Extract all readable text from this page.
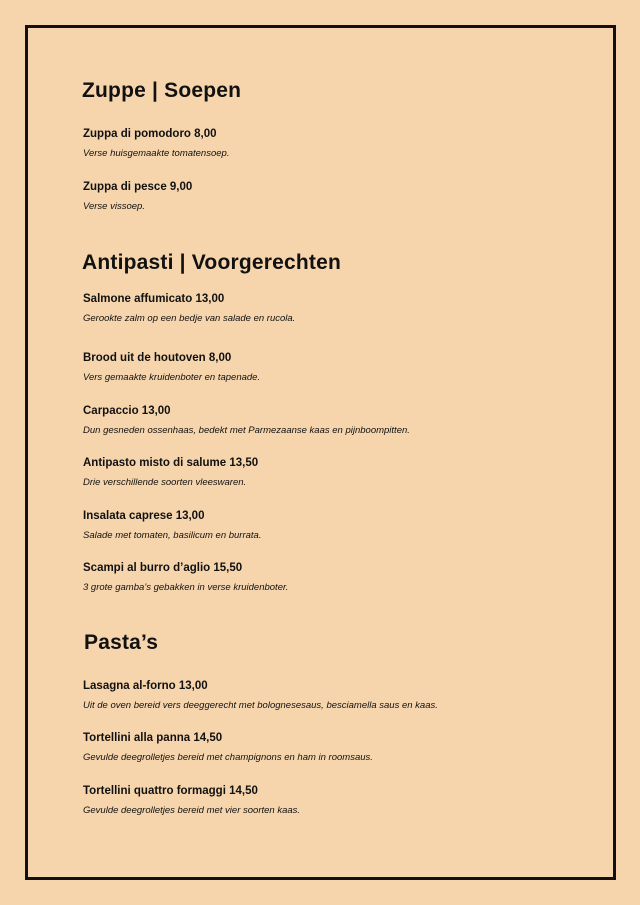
Zuppe | Soepen
Zuppa di pomodoro 8,00
Verse huisgemaakte tomatensoep.
Zuppa di pesce 9,00
Verse vissoep.
Antipasti | Voorgerechten
Salmone affumicato 13,00
Gerookte zalm op een bedje van salade en rucola.
Brood uit de houtoven 8,00
Vers gemaakte kruidenboter en tapenade.
Carpaccio 13,00
Dun gesneden ossenhaas, bedekt met Parmezaanse kaas en pijnboompitten.
Antipasto misto di salume 13,50
Drie verschillende soorten vleeswaren.
Insalata caprese 13,00
Salade met tomaten, basilicum en burrata.
Scampi al burro d’aglio 15,50
3 grote gamba’s gebakken in verse kruidenboter.
Pasta’s
Lasagna al-forno 13,00
Uit de oven bereid vers deeggerecht met bolognesesaus, besciamella saus en kaas.
Tortellini alla panna 14,50
Gevulde deegrolletjes bereid met champignons en ham in roomsaus.
Tortellini quattro formaggi 14,50
Gevulde deegrolletjes bereid met vier soorten kaas.
